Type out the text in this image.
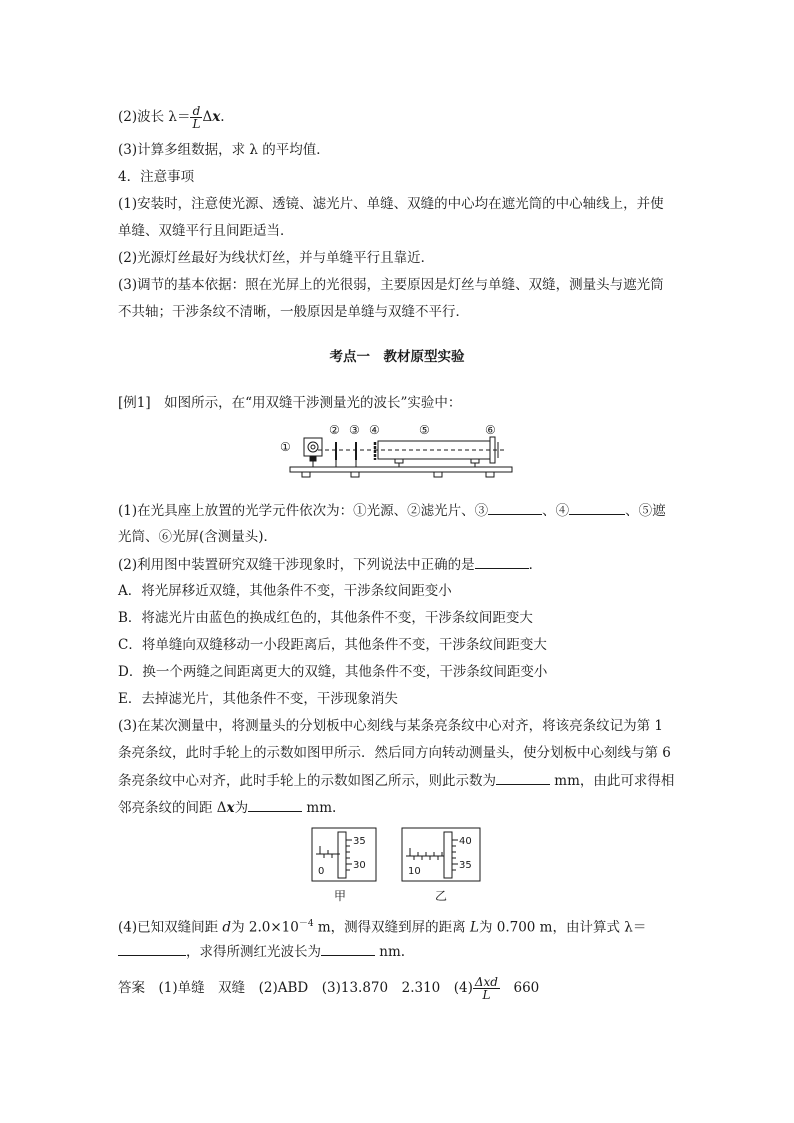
(2)波长 $\lambda= \frac{d}{L} \Delta x$.
(3)计算多组数据，求 λ 的平均值．
4．注意事项
(1)安装时，注意使光源、透镜、滤光片、单缝、双缝的中心均在遮光筒的中心轴线上，并使
单缝、双缝平行且间距适当．
(2)光源灯丝最好为线状灯丝，并与单缝平行且靠近．
(3)调节的基本依据：照在光屏上的光很弱，主要原因是灯丝与单缝、双缝，测量头与遮光筒
不共轴；干涉条纹不清晰，一般原因是单缝与双缝不平行．
考点一　教材原型实验
[例1]　 如图所示，在“用双缝干涉测量光的波长”实验中：
①
② ③ ④	⑤	⑥
(1)在光具座上放置的光学元件依次为：①光源、②滤光片、③	、④	、⑤遮
光筒、⑥光屏(含测量头)．
(2)利用图中装置研究双缝干涉现象时，下列说法中正确的是	．
A．将光屏移近双缝，其他条件不变，干涉条纹间距变小
B．将滤光片由蓝色的换成红色的，其他条件不变，干涉条纹间距变大
C．将单缝向双缝移动一小段距离后，其他条件不变，干涉条纹间距变大
D．换一个两缝之间距离更大的双缝，其他条件不变，干涉条纹间距变小
E．去掉滤光片，其他条件不变，干涉现象消失
(3)在某次测量中，将测量头的分划板中心刻线与某条亮条纹中心对齐，将该亮条纹记为第 1
条亮条纹，此时手轮上的示数如图甲所示．然后同方向转动测量头，使分划板中心刻线与第 6
条亮条纹中心对齐，此时手轮上的示数如图乙所示，则此示数为	mm，由此可求得相
邻亮条纹的间距 Δx为	mm.
35
30
0
甲
40
35
10
乙
(4)已知双缝间距 d为 $2.0\times 10^{-4}$ m，测得双缝到屏的距离 L为 0.700 m，由计算式 λ＝
，求得所测红光波长为	nm.
答案　 (1)单缝　双缝　(2)ABD　(3)13.870　2.310　$(4) \frac{\text{Δxd}}{L}$
　 660
